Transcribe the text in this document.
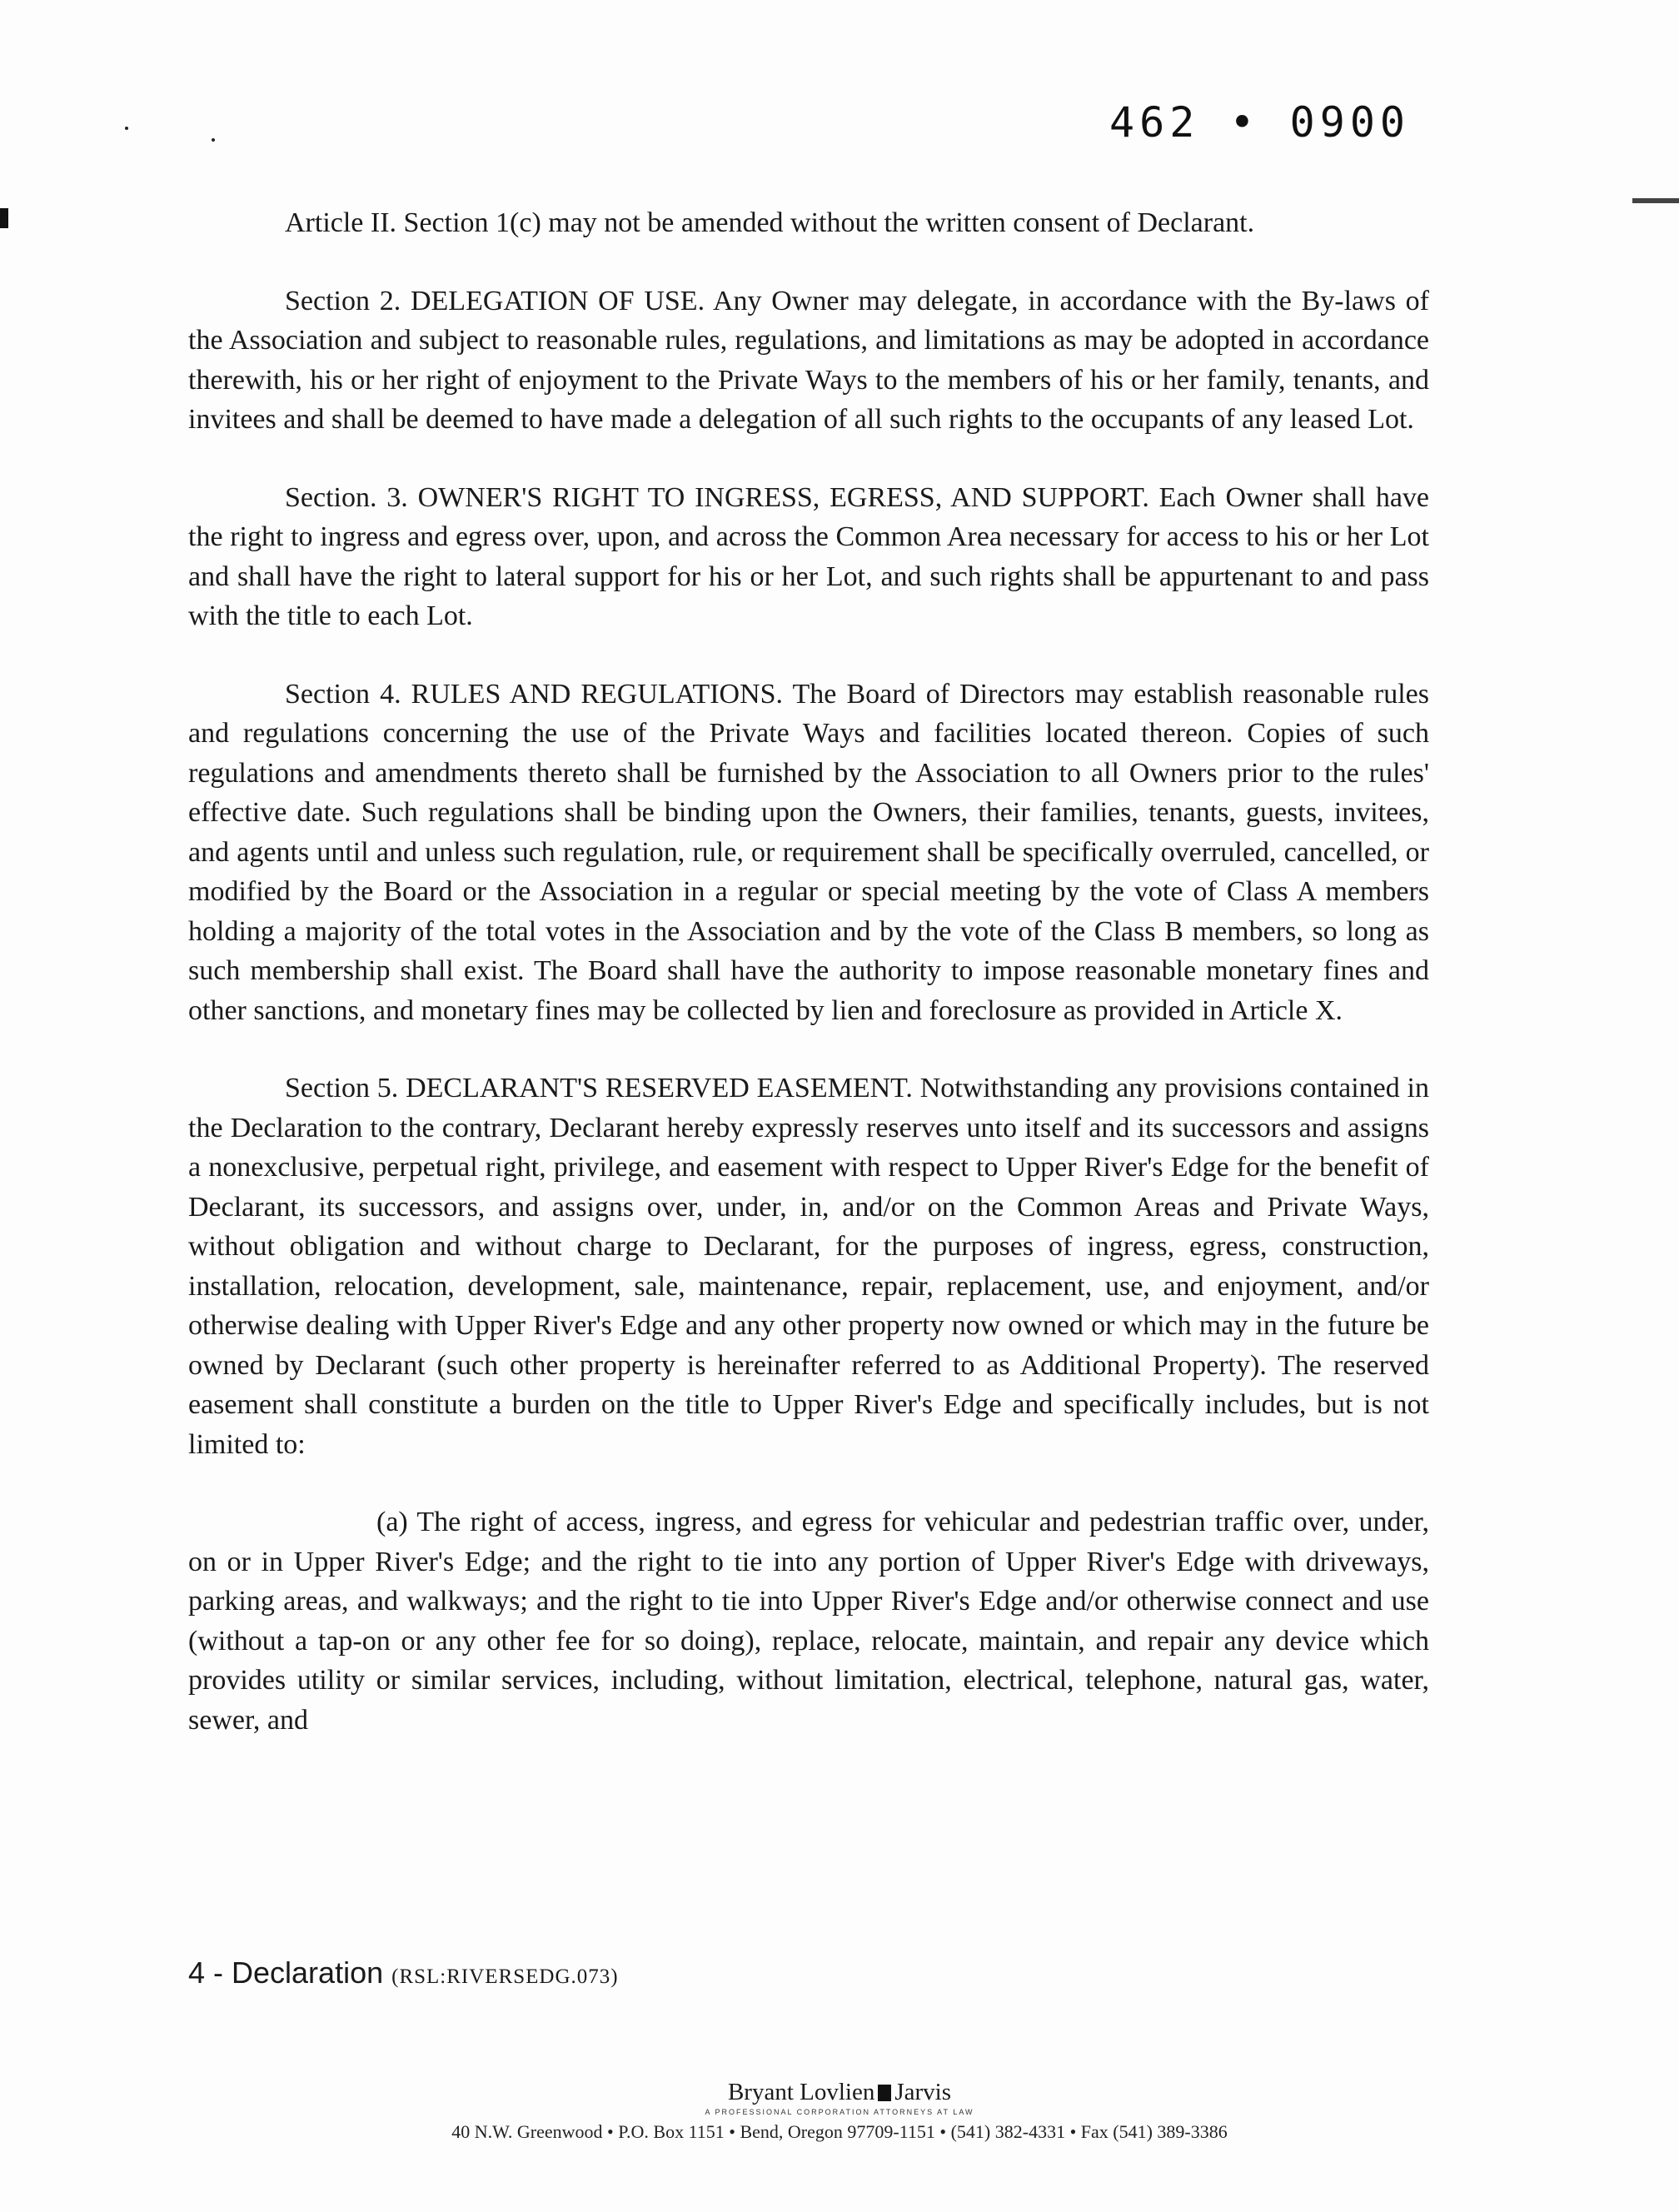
462 • 0900

Article II. Section 1(c) may not be amended without the written consent of Declarant.

Section 2. DELEGATION OF USE. Any Owner may delegate, in accordance with the By-laws of the Association and subject to reasonable rules, regulations, and limitations as may be adopted in accordance therewith, his or her right of enjoyment to the Private Ways to the members of his or her family, tenants, and invitees and shall be deemed to have made a delegation of all such rights to the occupants of any leased Lot.

Section. 3. OWNER'S RIGHT TO INGRESS, EGRESS, AND SUPPORT. Each Owner shall have the right to ingress and egress over, upon, and across the Common Area necessary for access to his or her Lot and shall have the right to lateral support for his or her Lot, and such rights shall be appurtenant to and pass with the title to each Lot.

Section 4. RULES AND REGULATIONS. The Board of Directors may establish reasonable rules and regulations concerning the use of the Private Ways and facilities located thereon. Copies of such regulations and amendments thereto shall be furnished by the Association to all Owners prior to the rules' effective date. Such regulations shall be binding upon the Owners, their families, tenants, guests, invitees, and agents until and unless such regulation, rule, or requirement shall be specifically overruled, cancelled, or modified by the Board or the Association in a regular or special meeting by the vote of Class A members holding a majority of the total votes in the Association and by the vote of the Class B members, so long as such membership shall exist. The Board shall have the authority to impose reasonable monetary fines and other sanctions, and monetary fines may be collected by lien and foreclosure as provided in Article X.

Section 5. DECLARANT'S RESERVED EASEMENT. Notwithstanding any provisions contained in the Declaration to the contrary, Declarant hereby expressly reserves unto itself and its successors and assigns a nonexclusive, perpetual right, privilege, and easement with respect to Upper River's Edge for the benefit of Declarant, its successors, and assigns over, under, in, and/or on the Common Areas and Private Ways, without obligation and without charge to Declarant, for the purposes of ingress, egress, construction, installation, relocation, development, sale, maintenance, repair, replacement, use, and enjoyment, and/or otherwise dealing with Upper River's Edge and any other property now owned or which may in the future be owned by Declarant (such other property is hereinafter referred to as Additional Property). The reserved easement shall constitute a burden on the title to Upper River's Edge and specifically includes, but is not limited to:

(a) The right of access, ingress, and egress for vehicular and pedestrian traffic over, under, on or in Upper River's Edge; and the right to tie into any portion of Upper River's Edge with driveways, parking areas, and walkways; and the right to tie into Upper River's Edge and/or otherwise connect and use (without a tap-on or any other fee for so doing), replace, relocate, maintain, and repair any device which provides utility or similar services, including, without limitation, electrical, telephone, natural gas, water, sewer, and

4 - Declaration (RSL:RIVERSEDG.073)
Bryant Lovlien Jarvis
A PROFESSIONAL CORPORATION ATTORNEYS AT LAW
40 N.W. Greenwood • P.O. Box 1151 • Bend, Oregon 97709-1151 • (541) 382-4331 • Fax (541) 389-3386
